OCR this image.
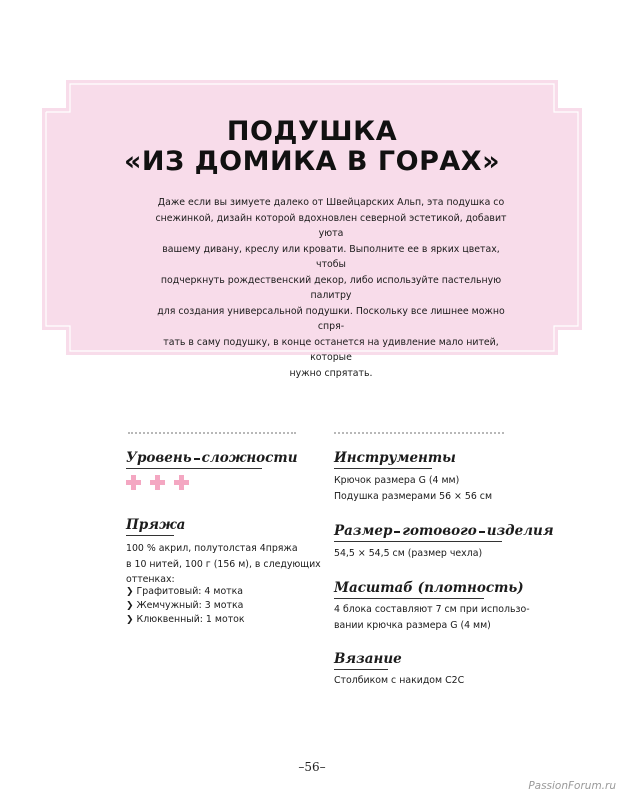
ПОДУШКА
«ИЗ ДОМИКА В ГОРАХ»
Даже если вы зимуете далеко от Швейцарских Альп, эта подушка со
снежинкой, дизайн которой вдохновлен северной эстетикой, добавит уюта
вашему дивану, креслу или кровати. Выполните ее в ярких цветах, чтобы
подчеркнуть рождественский декор, либо используйте пастельную палитру
для создания универсальной подушки. Поскольку все лишнее можно спря-
тать в саму подушку, в конце останется на удивление мало нитей, которые
нужно спрятать.
Уровень сложности
Пряжа
100 % акрил, полутолстая 4пряжа
в 10 нитей, 100 г (156 м), в следующих
оттенках:
❯ Графитовый: 4 мотка
❯ Жемчужный: 3 мотка
❯ Клюквенный: 1 моток
Инструменты
Крючок размера G (4 мм)
Подушка размерами 56 × 56 см
Размер готового изделия
54,5 × 54,5 см (размер чехла)
Масштаб (плотность)
4 блока составляют 7 см при использо-
вании крючка размера G (4 мм)
Вязание
Столбиком с накидом С2С
–56–
PassionForum.ru
